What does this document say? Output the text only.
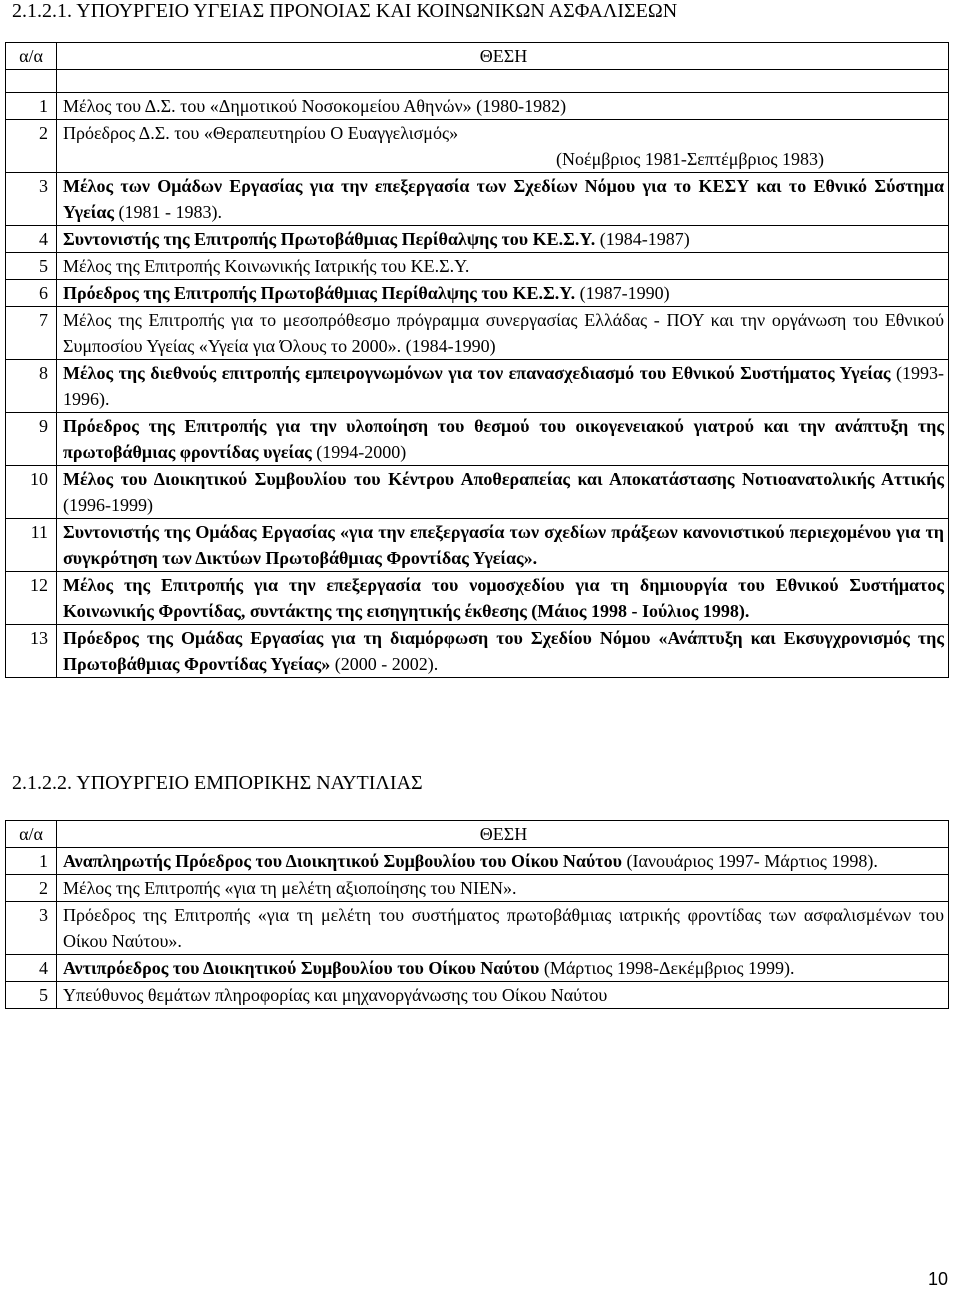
2.1.2.1. ΥΠΟΥΡΓΕΙΟ ΥΓΕΙΑΣ ΠΡΟΝΟΙΑΣ ΚΑΙ ΚΟΙΝΩΝΙΚΩΝ ΑΣΦΑΛΙΣΕΩΝ
α/α	ΘΕΣΗ

1	Μέλος του Δ.Σ. του «Δημοτικού Νοσοκομείου Αθηνών» (1980-1982)
2	Πρόεδρος Δ.Σ. του «Θεραπευτηρίου Ο Ευαγγελισμός»
(Νοέμβριος 1981-Σεπτέμβριος 1983)

3	Μέλος των Ομάδων Εργασίας για την επεξεργασία των Σχεδίων Νόμου για το ΚΕΣΥ και το Εθνικό Σύστημα Υγείας (1981 - 1983).
4	Συντονιστής της Επιτροπής Πρωτοβάθμιας Περίθαλψης του ΚΕ.Σ.Υ. (1984-1987)
5	Μέλος της Επιτροπής Κοινωνικής Ιατρικής του ΚΕ.Σ.Υ.
6	Πρόεδρος της Επιτροπής Πρωτοβάθμιας Περίθαλψης του ΚΕ.Σ.Υ. (1987-1990)
7	Μέλος της Επιτροπής για το μεσοπρόθεσμο πρόγραμμα συνεργασίας Ελλάδας - ΠΟΥ και την οργάνωση του Εθνικού Συμποσίου Υγείας «Υγεία για Όλους το 2000». (1984-1990)
8	Μέλος της διεθνούς επιτροπής εμπειρογνωμόνων για τον επανασχεδιασμό του Εθνικού Συστήματος Υγείας (1993-1996).
9	Πρόεδρος της Επιτροπής για την υλοποίηση του θεσμού του οικογενειακού γιατρού και την ανάπτυξη της πρωτοβάθμιας φροντίδας υγείας (1994-2000)
10	Μέλος του Διοικητικού Συμβουλίου του Κέντρου Αποθεραπείας και Αποκατάστασης Νοτιοανατολικής Αττικής (1996-1999)
11	Συντονιστής της Ομάδας Εργασίας «για την επεξεργασία των σχεδίων πράξεων κανονιστικού περιεχομένου για τη συγκρότηση των Δικτύων Πρωτοβάθμιας Φροντίδας Υγείας».
12	Μέλος της Επιτροπής για την επεξεργασία του νομοσχεδίου για τη δημιουργία του Εθνικού Συστήματος Κοινωνικής Φροντίδας, συντάκτης της εισηγητικής έκθεσης (Μάιος 1998 - Ιούλιος 1998).
13	Πρόεδρος της Ομάδας Εργασίας για τη διαμόρφωση του Σχεδίου Νόμου «Ανάπτυξη και Εκσυγχρονισμός της Πρωτοβάθμιας Φροντίδας Υγείας» (2000 - 2002).
2.1.2.2. ΥΠΟΥΡΓΕΙΟ ΕΜΠΟΡΙΚΗΣ ΝΑΥΤΙΛΙΑΣ
α/α	ΘΕΣΗ
1	Αναπληρωτής Πρόεδρος του Διοικητικού Συμβουλίου του Οίκου Ναύτου (Ιανουάριος 1997- Μάρτιος 1998).
2	Μέλος της Επιτροπής «για τη μελέτη αξιοποίησης του ΝΙΕΝ».
3	Πρόεδρος της Επιτροπής «για τη μελέτη του συστήματος πρωτοβάθμιας ιατρικής φροντίδας των ασφαλισμένων του Οίκου Ναύτου».
4	Αντιπρόεδρος του Διοικητικού Συμβουλίου του Οίκου Ναύτου (Μάρτιος 1998-Δεκέμβριος 1999).
5	Υπεύθυνος θεμάτων πληροφορίας και μηχανοργάνωσης του Οίκου Ναύτου
10
